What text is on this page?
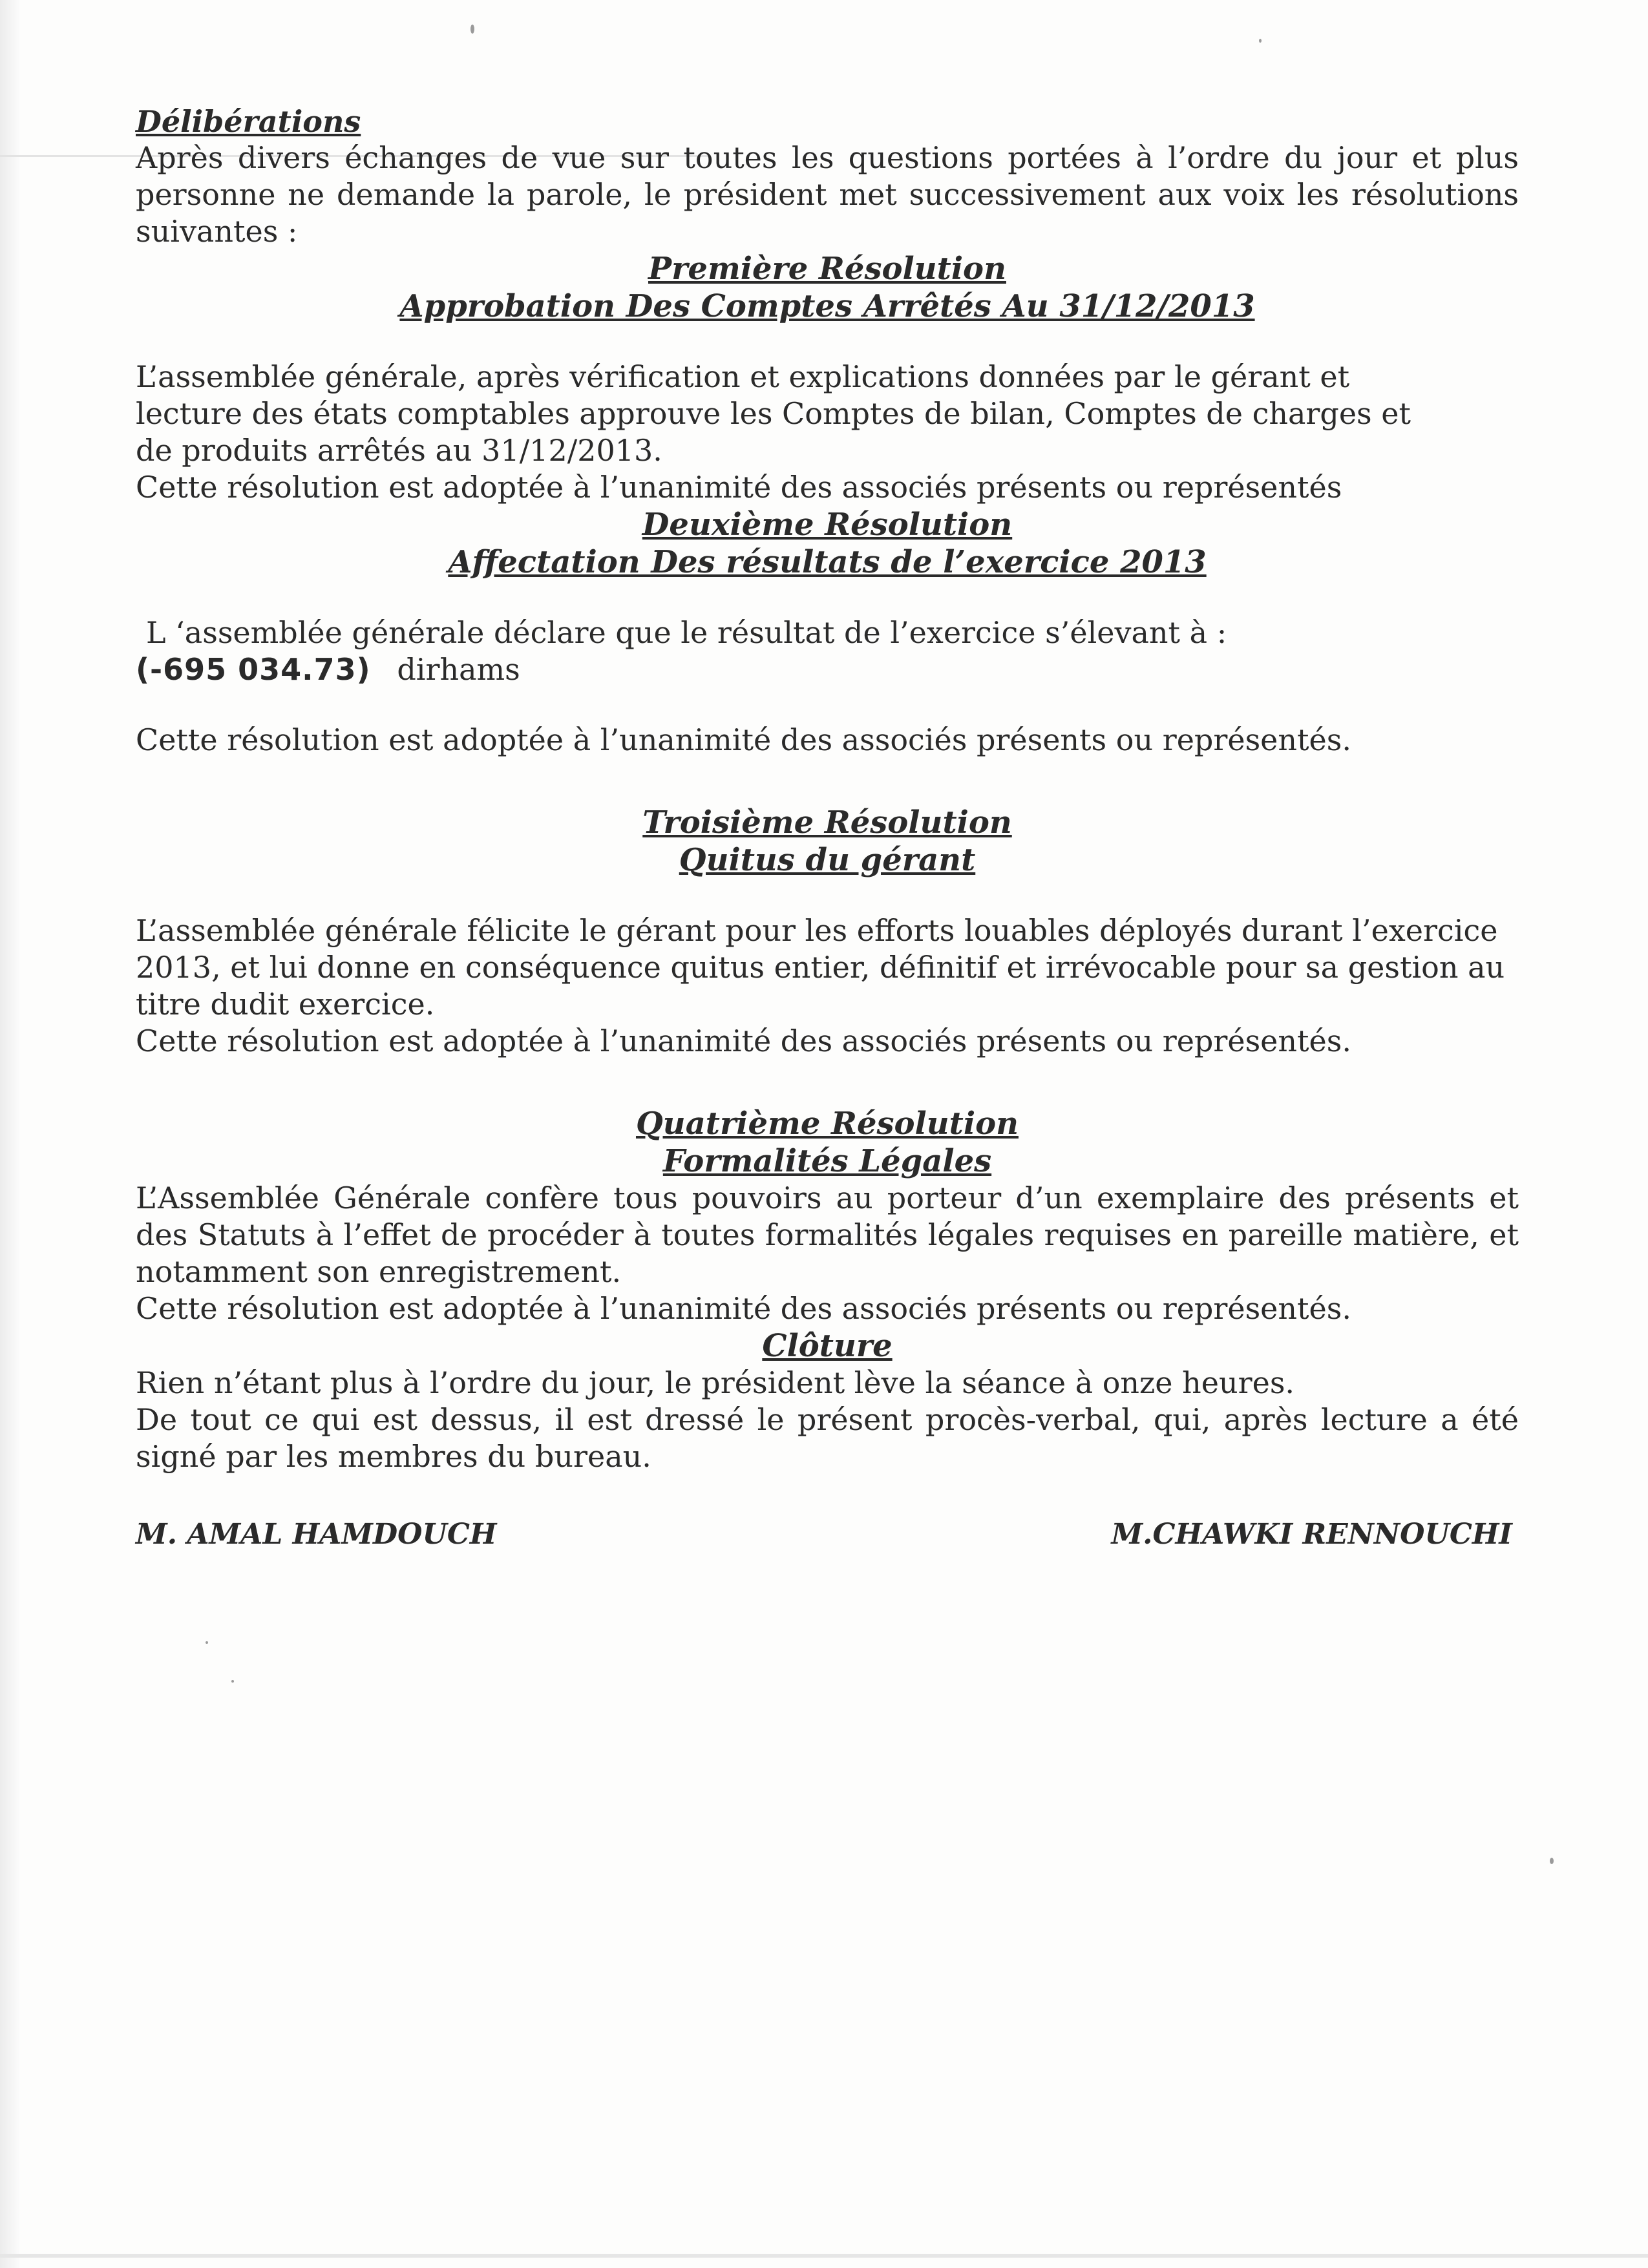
Délibérations

Après divers échanges de vue sur toutes les questions portées à l’ordre du jour et plus personne ne demande la parole, le président met successivement aux voix les résolutions suivantes :

Première Résolution
Approbation Des Comptes Arrêtés Au 31/12/2013

L’assemblée générale, après vérification et explications données par le gérant et lecture des états comptables approuve les Comptes de bilan, Comptes de charges et de produits arrêtés au 31/12/2013.

Cette résolution est adoptée à l’unanimité des associés présents ou représentés

Deuxième Résolution
Affectation Des résultats de l’exercice 2013

L ‘assemblée générale déclare que le résultat de l’exercice s’élevant à :

(-695 034.73) dirhams

Cette résolution est adoptée à l’unanimité des associés présents ou représentés.

Troisième Résolution
Quitus du gérant

L’assemblée générale félicite le gérant pour les efforts louables déployés durant l’exercice 2013, et lui donne en conséquence quitus entier, définitif et irrévocable pour sa gestion au titre dudit exercice.

Cette résolution est adoptée à l’unanimité des associés présents ou représentés.

Quatrième Résolution
Formalités Légales

L’Assemblée Générale confère tous pouvoirs au porteur d’un exemplaire des présents et des Statuts à l’effet de procéder à toutes formalités légales requises en pareille matière, et notamment son enregistrement.

Cette résolution est adoptée à l’unanimité des associés présents ou représentés.

Clôture

Rien n’étant plus à l’ordre du jour, le président lève la séance à onze heures.

De tout ce qui est dessus, il est dressé le présent procès-verbal, qui, après lecture a été signé par les membres du bureau.

M. AMAL HAMDOUCH	M.CHAWKI RENNOUCHI
